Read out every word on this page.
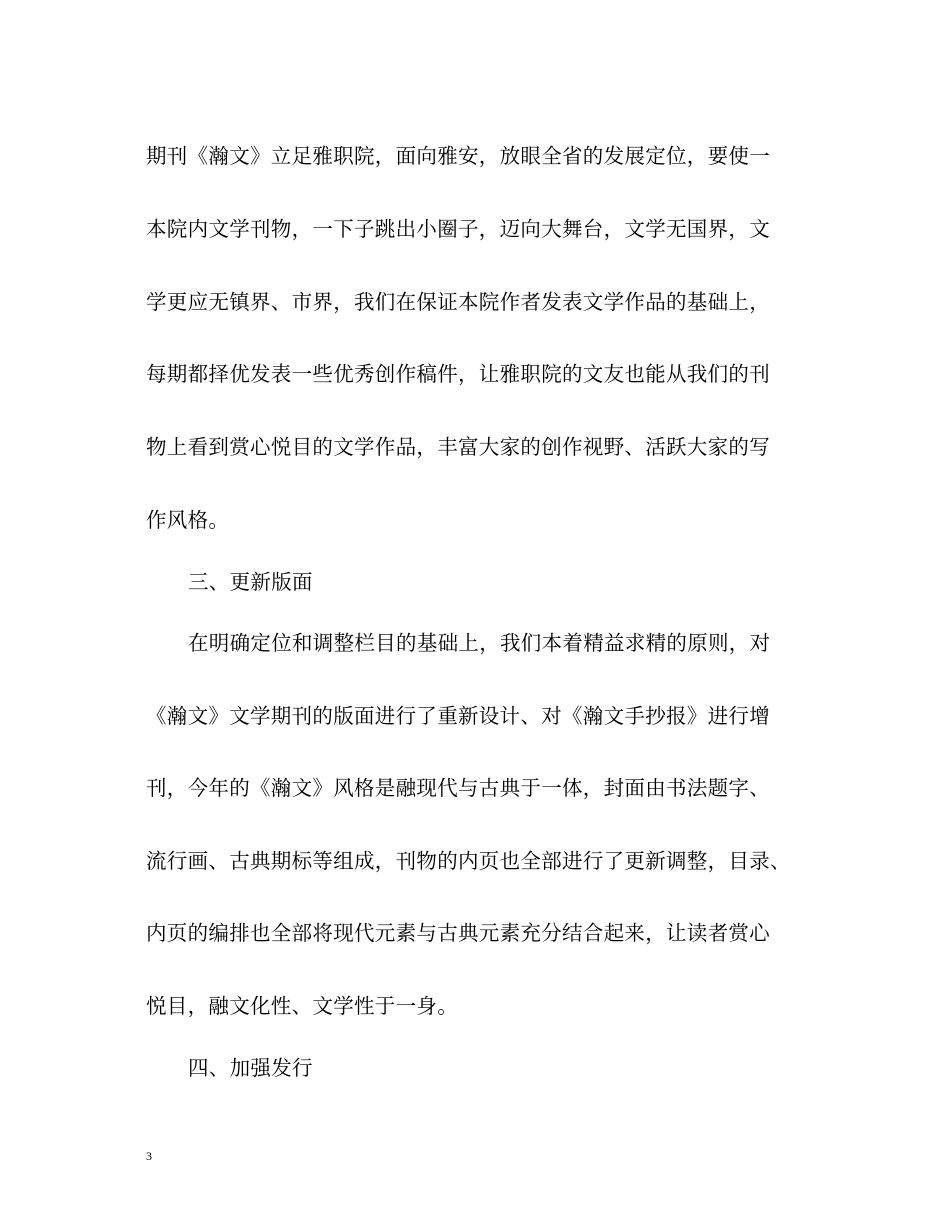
期刊《瀚文》立足雅职院，面向雅安，放眼全省的发展定位，要使一
本院内文学刊物，一下子跳出小圈子，迈向大舞台，文学无国界，文
学更应无镇界、市界，我们在保证本院作者发表文学作品的基础上，
每期都择优发表一些优秀创作稿件，让雅职院的文友也能从我们的刊
物上看到赏心悦目的文学作品，丰富大家的创作视野、活跃大家的写
作风格。
三、更新版面
在明确定位和调整栏目的基础上，我们本着精益求精的原则，对
《瀚文》文学期刊的版面进行了重新设计、对《瀚文手抄报》进行增
刊，今年的《瀚文》风格是融现代与古典于一体，封面由书法题字、
流行画、古典期标等组成，刊物的内页也全部进行了更新调整，目录、
内页的编排也全部将现代元素与古典元素充分结合起来，让读者赏心
悦目，融文化性、文学性于一身。
四、加强发行
3
